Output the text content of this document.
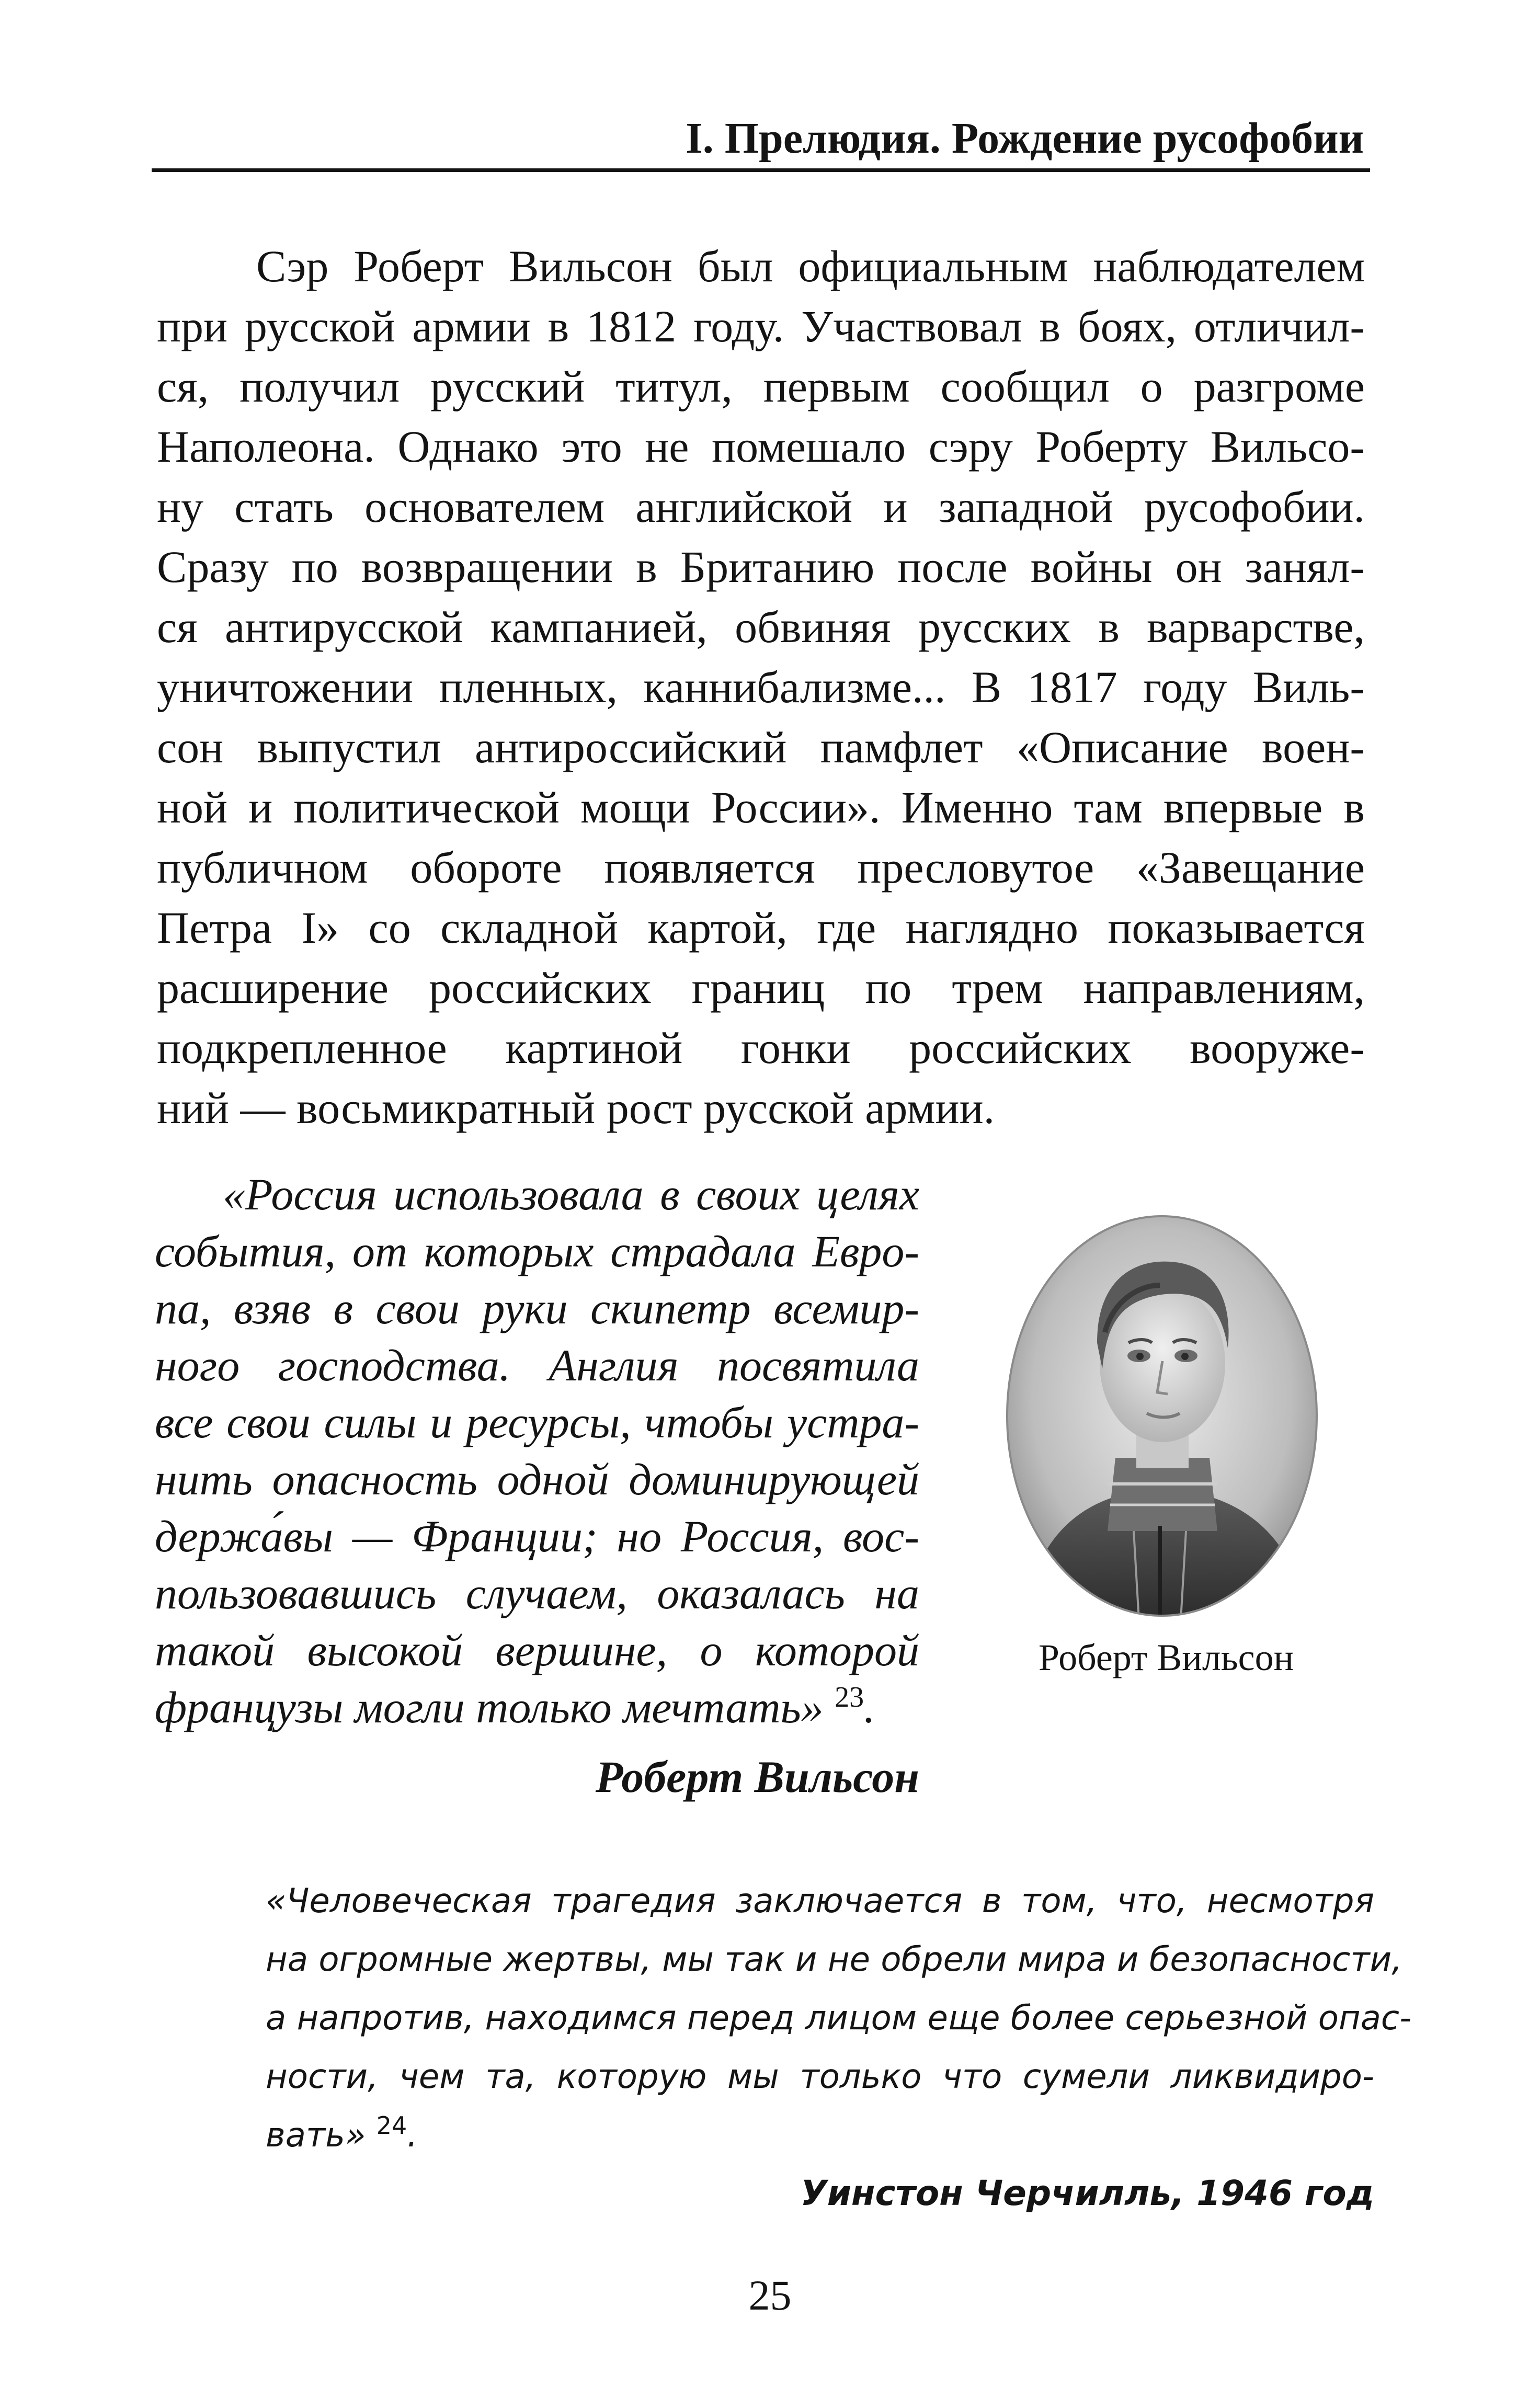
I. Прелюдия. Рождение русофобии
Сэр Роберт Вильсон был официальным наблюдателем
при русской армии в 1812 году. Участвовал в боях, отличил-
ся, получил русский титул, первым сообщил о разгроме
Наполеона. Однако это не помешало сэру Роберту Вильсо-
ну стать основателем английской и западной русофобии.
Сразу по возвращении в Британию после войны он занял-
ся антирусской кампанией, обвиняя русских в варварстве,
уничтожении пленных, каннибализме... В 1817 году Виль-
сон выпустил антироссийский памфлет «Описание воен-
ной и политической мощи России». Именно там впервые в
публичном обороте появляется пресловутое «Завещание
Петра I» со складной картой, где наглядно показывается
расширение российских границ по трем направлениям,
подкрепленное картиной гонки российских вооруже-
ний — восьмикратный рост русской армии.
«Россия использовала в своих целях
события, от которых страдала Евро-
па, взяв в свои руки скипетр всемир-
ного господства. Англия посвятила
все свои силы и ресурсы, чтобы устра-
нить опасность одной доминирующей
держа́вы — Франции; но Россия, вос-
пользовавшись случаем, оказалась на
такой высокой вершине, о которой
французы могли только мечтать» $^{23}$.
Роберт Вильсон
Роберт Вильсон
«Человеческая трагедия заключается в том, что, несмотря
на огромные жертвы, мы так и не обрели мира и безопасности,
а напротив, находимся перед лицом еще более серьезной опас-
ности, чем та, которую мы только что сумели ликвидиро-
вать» $^{24}$.
Уинстон Черчилль, 1946 год
25
